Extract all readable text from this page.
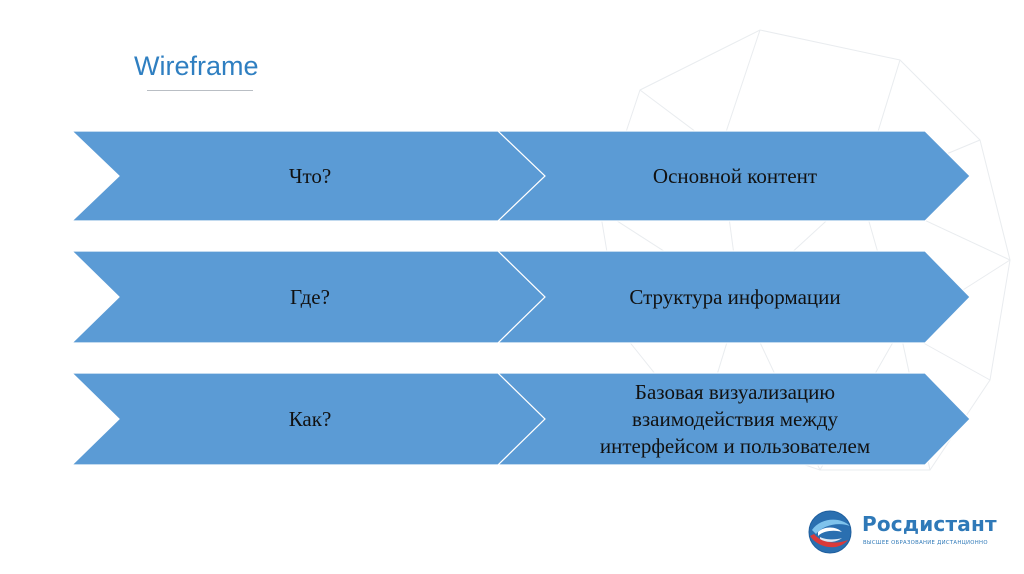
Wireframe
Что?	Основной контент
Где?	Структура информации
Как?
Базовая визуализацию
взаимодействия между
интерфейсом и пользователем
Росдистант
ВЫСШЕЕ ОБРАЗОВАНИЕ ДИСТАНЦИОННО
